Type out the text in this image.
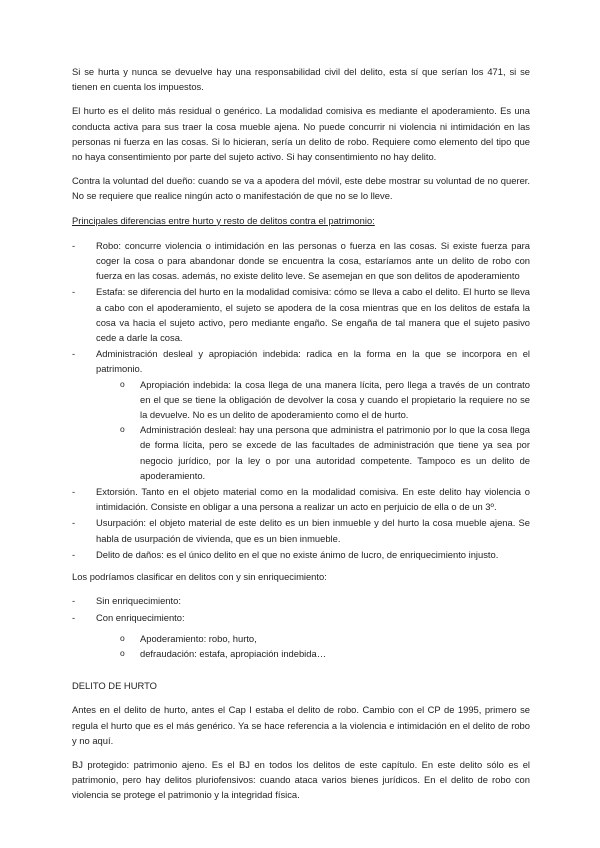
Si se hurta y nunca se devuelve hay una responsabilidad civil del delito, esta sí que serían los 471, si se tienen en cuenta los impuestos.

El hurto es el delito más residual o genérico. La modalidad comisiva es mediante el apoderamiento. Es una conducta activa para sus traer la cosa mueble ajena. No puede concurrir ni violencia ni intimidación en las personas ni fuerza en las cosas. Si lo hicieran, sería un delito de robo. Requiere como elemento del tipo que no haya consentimiento por parte del sujeto activo. Si hay consentimiento no hay delito.

Contra la voluntad del dueño: cuando se va a apodera del móvil, este debe mostrar su voluntad de no querer. No se requiere que realice ningún acto o manifestación de que no se lo lleve.

Principales diferencias entre hurto y resto de delitos contra el patrimonio:

- Robo: concurre violencia o intimidación en las personas o fuerza en las cosas. Si existe fuerza para coger la cosa o para abandonar donde se encuentra la cosa, estaríamos ante un delito de robo con fuerza en las cosas. además, no existe delito leve. Se asemejan en que son delitos de apoderamiento
- Estafa: se diferencia del hurto en la modalidad comisiva: cómo se lleva a cabo el delito. El hurto se lleva a cabo con el apoderamiento, el sujeto se apodera de la cosa mientras que en los delitos de estafa la cosa va hacia el sujeto activo, pero mediante engaño. Se engaña de tal manera que el sujeto pasivo cede a darle la cosa.
- Administración desleal y apropiación indebida: radica en la forma en la que se incorpora en el patrimonio.
o Apropiación indebida: la cosa llega de una manera lícita, pero llega a través de un contrato en el que se tiene la obligación de devolver la cosa y cuando el propietario la requiere no se la devuelve. No es un delito de apoderamiento como el de hurto.
o Administración desleal: hay una persona que administra el patrimonio por lo que la cosa llega de forma lícita, pero se excede de las facultades de administración que tiene ya sea por negocio jurídico, por la ley o por una autoridad competente. Tampoco es un delito de apoderamiento.
- Extorsión. Tanto en el objeto material como en la modalidad comisiva. En este delito hay violencia o intimidación. Consiste en obligar a una persona a realizar un acto en perjuicio de ella o de un 3º.
- Usurpación: el objeto material de este delito es un bien inmueble y del hurto la cosa mueble ajena. Se habla de usurpación de vivienda, que es un bien inmueble.
- Delito de daños: es el único delito en el que no existe ánimo de lucro, de enriquecimiento injusto.

Los podríamos clasificar en delitos con y sin enriquecimiento:

- Sin enriquecimiento:
- Con enriquecimiento:
o Apoderamiento: robo, hurto,
o defraudación: estafa, apropiación indebida…

DELITO DE HURTO

Antes en el delito de hurto, antes el Cap I estaba el delito de robo. Cambio con el CP de 1995, primero se regula el hurto que es el más genérico. Ya se hace referencia a la violencia e intimidación en el delito de robo y no aquí.

BJ protegido: patrimonio ajeno. Es el BJ en todos los delitos de este capítulo. En este delito sólo es el patrimonio, pero hay delitos pluriofensivos: cuando ataca varios bienes jurídicos. En el delito de robo con violencia se protege el patrimonio y la integridad física.
